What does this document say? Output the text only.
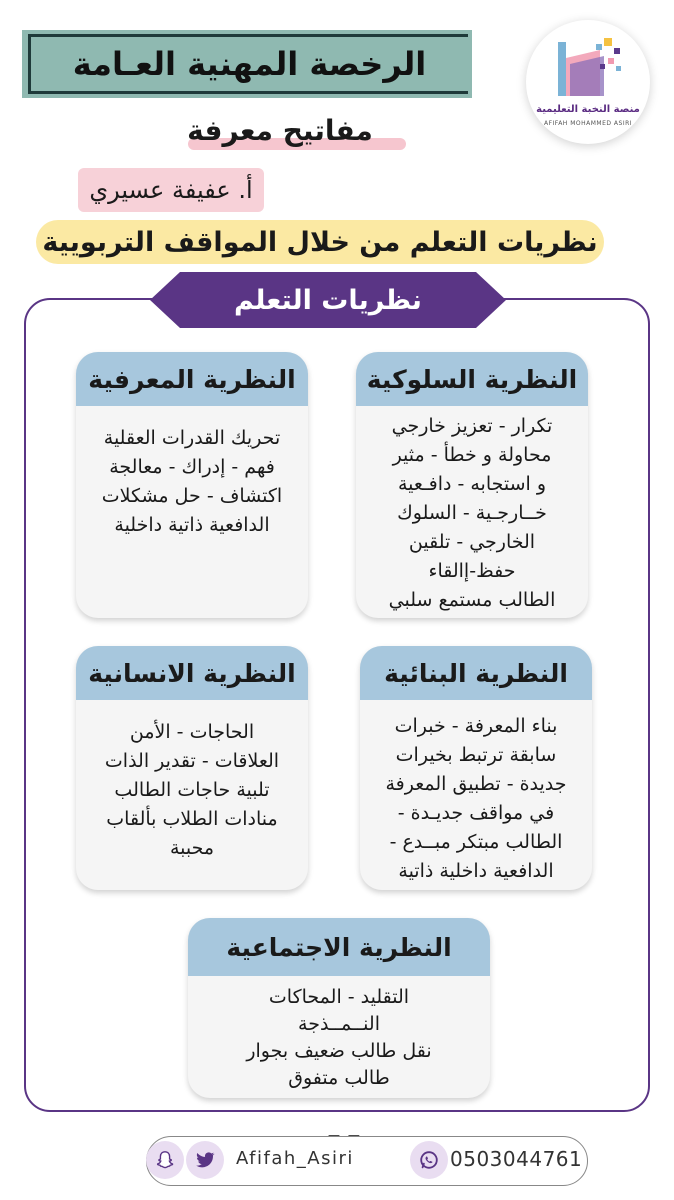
الرخصة المهنية العـامة
منصة النخبة التعليمية
AFIFAH MOHAMMED ASIRI
مفاتيح معرفة
أ. عفيفة عسيري
نظريات التعلم من خلال المواقف التربويية
نظريات التعلم
النظرية السلوكية
تكرار - تعزيز خارجي
محاولة و خطأ - مثير
و استجابه - دافـعية
خــارجـية - السلوك
الخارجي - تلقين
حفظ-إالقاء
الطالب مستمع سلبي
النظرية المعرفية
تحريك القدرات العقلية
فهم - إدراك - معالجة
اكتشاف - حل مشكلات
الدافعية ذاتية داخلية
النظرية البنائية
بناء المعرفة - خبرات
سابقة ترتبط بخيرات
جديدة - تطبيق المعرفة
في مواقف جديـدة -
الطالب مبتكر مبــدع -
الدافعية داخلية ذاتية
النظرية الانسانية
الحاجات - الأمن
العلاقات - تقدير الذات
تلبية حاجات الطالب
منادات الطلاب بألقاب
محببة
النظرية الاجتماعية
التقليد - المحاكات
النــمــذجة
نقل طالب ضعيف بجوار
طالب متفوق
— —
Afifah_Asiri	0503044761
